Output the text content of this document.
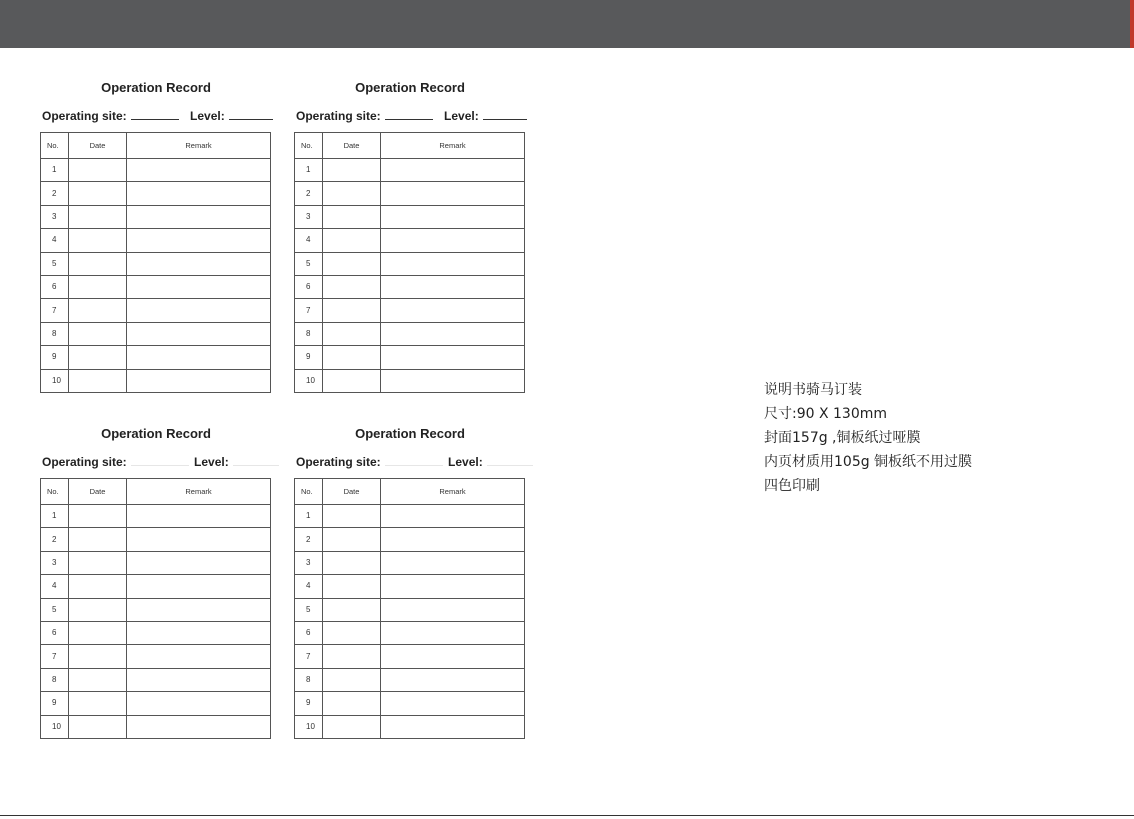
Operation Record
Operating site:	Level:
No.	Date	Remark
1		
2		
3		
4		
5		
6		
7		
8		
9		
10		
Operation Record
Operating site:	Level:
No.	Date	Remark
1		
2		
3		
4		
5		
6		
7		
8		
9		
10		
Operation Record
Operating site:	Level:
No.	Date	Remark
1		
2		
3		
4		
5		
6		
7		
8		
9		
10		
Operation Record
Operating site:	Level:
No.	Date	Remark
1		
2		
3		
4		
5		
6		
7		
8		
9		
10		
说明书骑马订装
尺寸:90 X 130mm
封面157g ,铜板纸过哑膜
内页材质用105g 铜板纸不用过膜
四色印刷
